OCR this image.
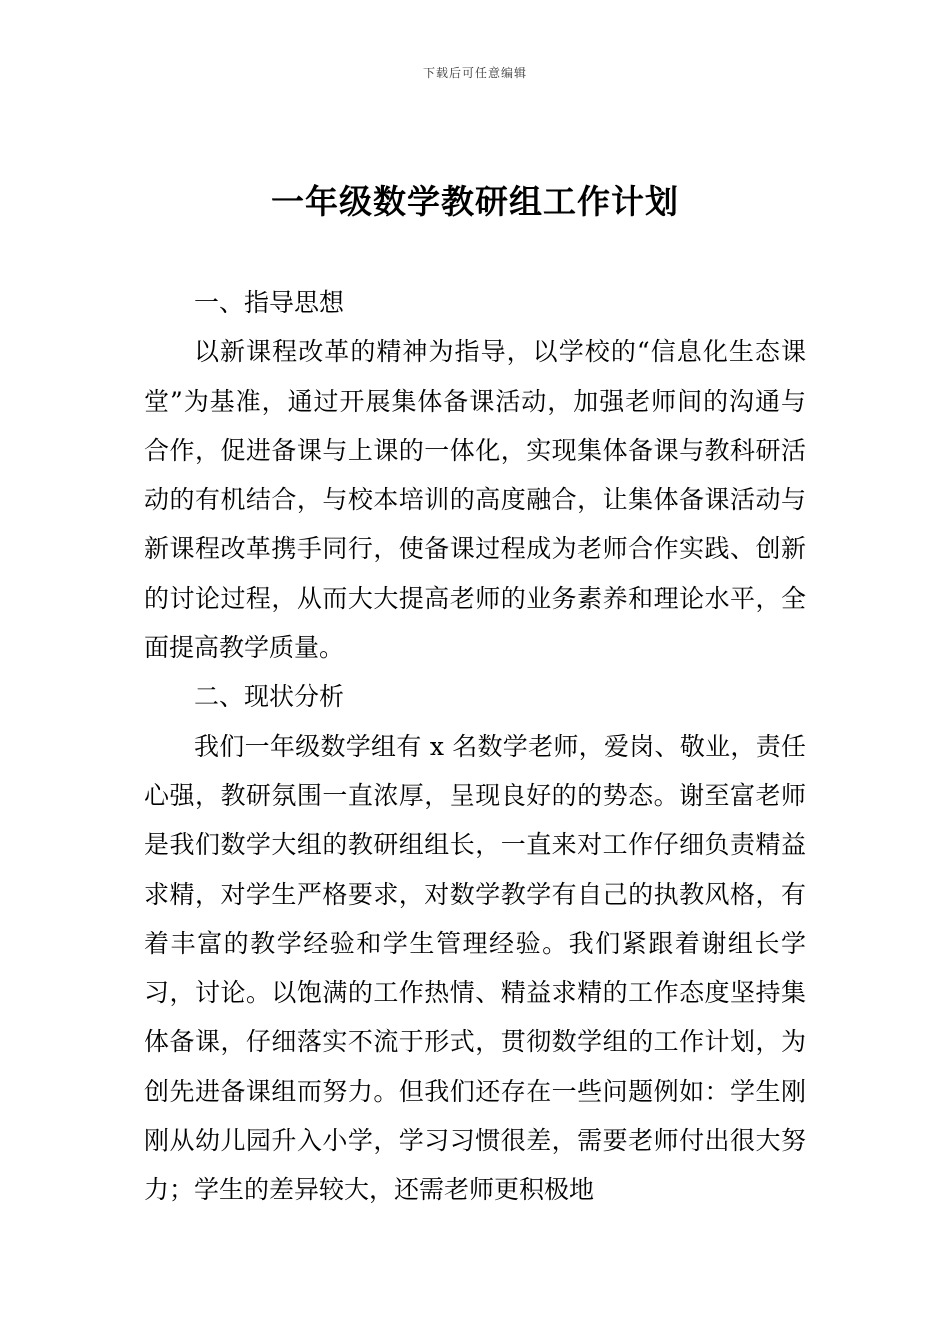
下载后可任意编辑
一年级数学教研组工作计划

一、指导思想

以新课程改革的精神为指导，以学校的“信息化生态课堂”为基准，通过开展集体备课活动，加强老师间的沟通与合作，促进备课与上课的一体化，实现集体备课与教科研活动的有机结合，与校本培训的高度融合，让集体备课活动与新课程改革携手同行，使备课过程成为老师合作实践、创新的讨论过程，从而大大提高老师的业务素养和理论水平，全面提高教学质量。

二、现状分析

我们一年级数学组有 x 名数学老师，爱岗、敬业，责任心强，教研氛围一直浓厚，呈现良好的的势态。谢至富老师是我们数学大组的教研组组长，一直来对工作仔细负责精益求精，对学生严格要求，对数学教学有自己的执教风格，有着丰富的教学经验和学生管理经验。我们紧跟着谢组长学习，讨论。以饱满的工作热情、精益求精的工作态度坚持集体备课，仔细落实不流于形式，贯彻数学组的工作计划，为创先进备课组而努力。但我们还存在一些问题例如：学生刚刚从幼儿园升入小学，学习习惯很差，需要老师付出很大努力；学生的差异较大，还需老师更积极地
